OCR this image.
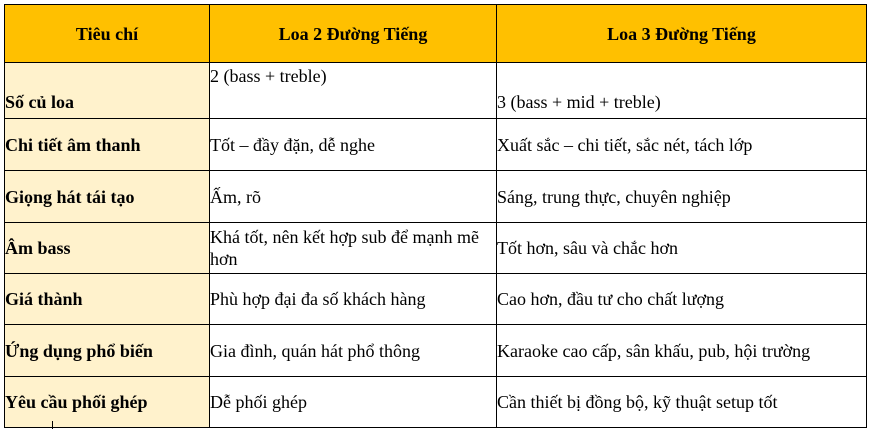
Tiêu chí	Loa 2 Đường Tiếng	Loa 3 Đường Tiếng
Số củ loa	2 (bass + treble)	3 (bass + mid + treble)
Chi tiết âm thanh	Tốt – đầy đặn, dễ nghe	Xuất sắc – chi tiết, sắc nét, tách lớp
Giọng hát tái tạo	Ấm, rõ	Sáng, trung thực, chuyên nghiệp
Âm bass	Khá tốt, nên kết hợp sub để mạnh mẽ hơn	Tốt hơn, sâu và chắc hơn
Giá thành	Phù hợp đại đa số khách hàng	Cao hơn, đầu tư cho chất lượng
Ứng dụng phổ biến	Gia đình, quán hát phổ thông	Karaoke cao cấp, sân khấu, pub, hội trường
Yêu cầu phối ghép	Dễ phối ghép	Cần thiết bị đồng bộ, kỹ thuật setup tốt
